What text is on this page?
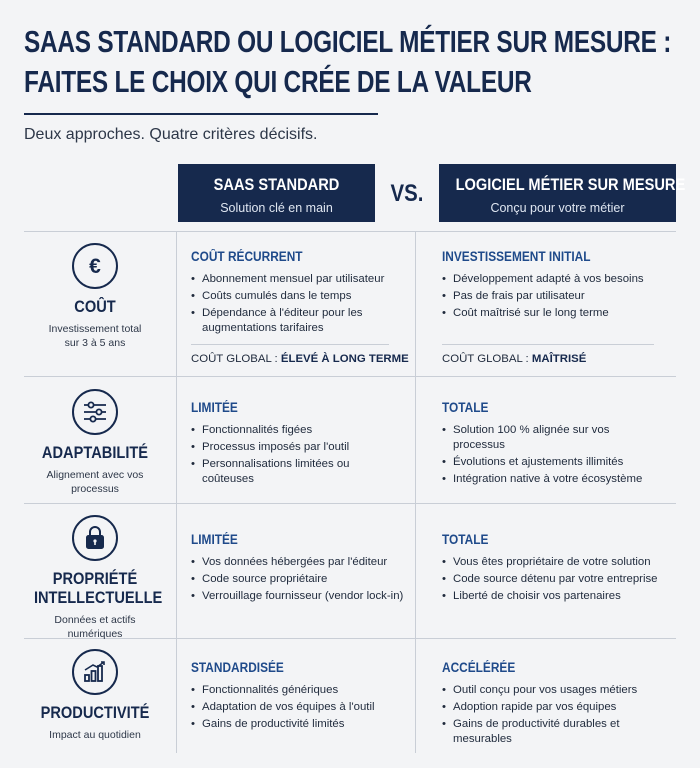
SAAS STANDARD OU LOGICIEL MÉTIER SUR MESURE :
FAITES LE CHOIX QUI CRÉE DE LA VALEUR
Deux approches. Quatre critères décisifs.
SAAS STANDARD
Solution clé en main
VS.	LOGICIEL MÉTIER SUR MESURE
Conçu pour votre métier
€
COÛT
Investissement total
sur 3 à 5 ans
COÛT RÉCURRENT
• Abonnement mensuel par utilisateur
• Coûts cumulés dans le temps
• Dépendance à l'éditeur pour les augmentations tarifaires
COÛT GLOBAL : ÉLEVÉ À LONG TERME
INVESTISSEMENT INITIAL
• Développement adapté à vos besoins
• Pas de frais par utilisateur
• Coût maîtrisé sur le long terme
COÛT GLOBAL : MAÎTRISÉ
ADAPTABILITÉ
Alignement avec vos
processus
LIMITÉE
• Fonctionnalités figées
• Processus imposés par l'outil
• Personnalisations limitées ou coûteuses
TOTALE
• Solution 100 % alignée sur vos processus
• Évolutions et ajustements illimités
• Intégration native à votre écosystème
PROPRIÉTÉ
INTELLECTUELLE
Données et actifs
numériques
LIMITÉE
• Vos données hébergées par l'éditeur
• Code source propriétaire
• Verrouillage fournisseur (vendor lock-in)
TOTALE
• Vous êtes propriétaire de votre solution
• Code source détenu par votre entreprise
• Liberté de choisir vos partenaires
PRODUCTIVITÉ
Impact au quotidien
STANDARDISÉE
• Fonctionnalités génériques
• Adaptation de vos équipes à l'outil
• Gains de productivité limités
ACCÉLÉRÉE
• Outil conçu pour vos usages métiers
• Adoption rapide par vos équipes
• Gains de productivité durables et mesurables
